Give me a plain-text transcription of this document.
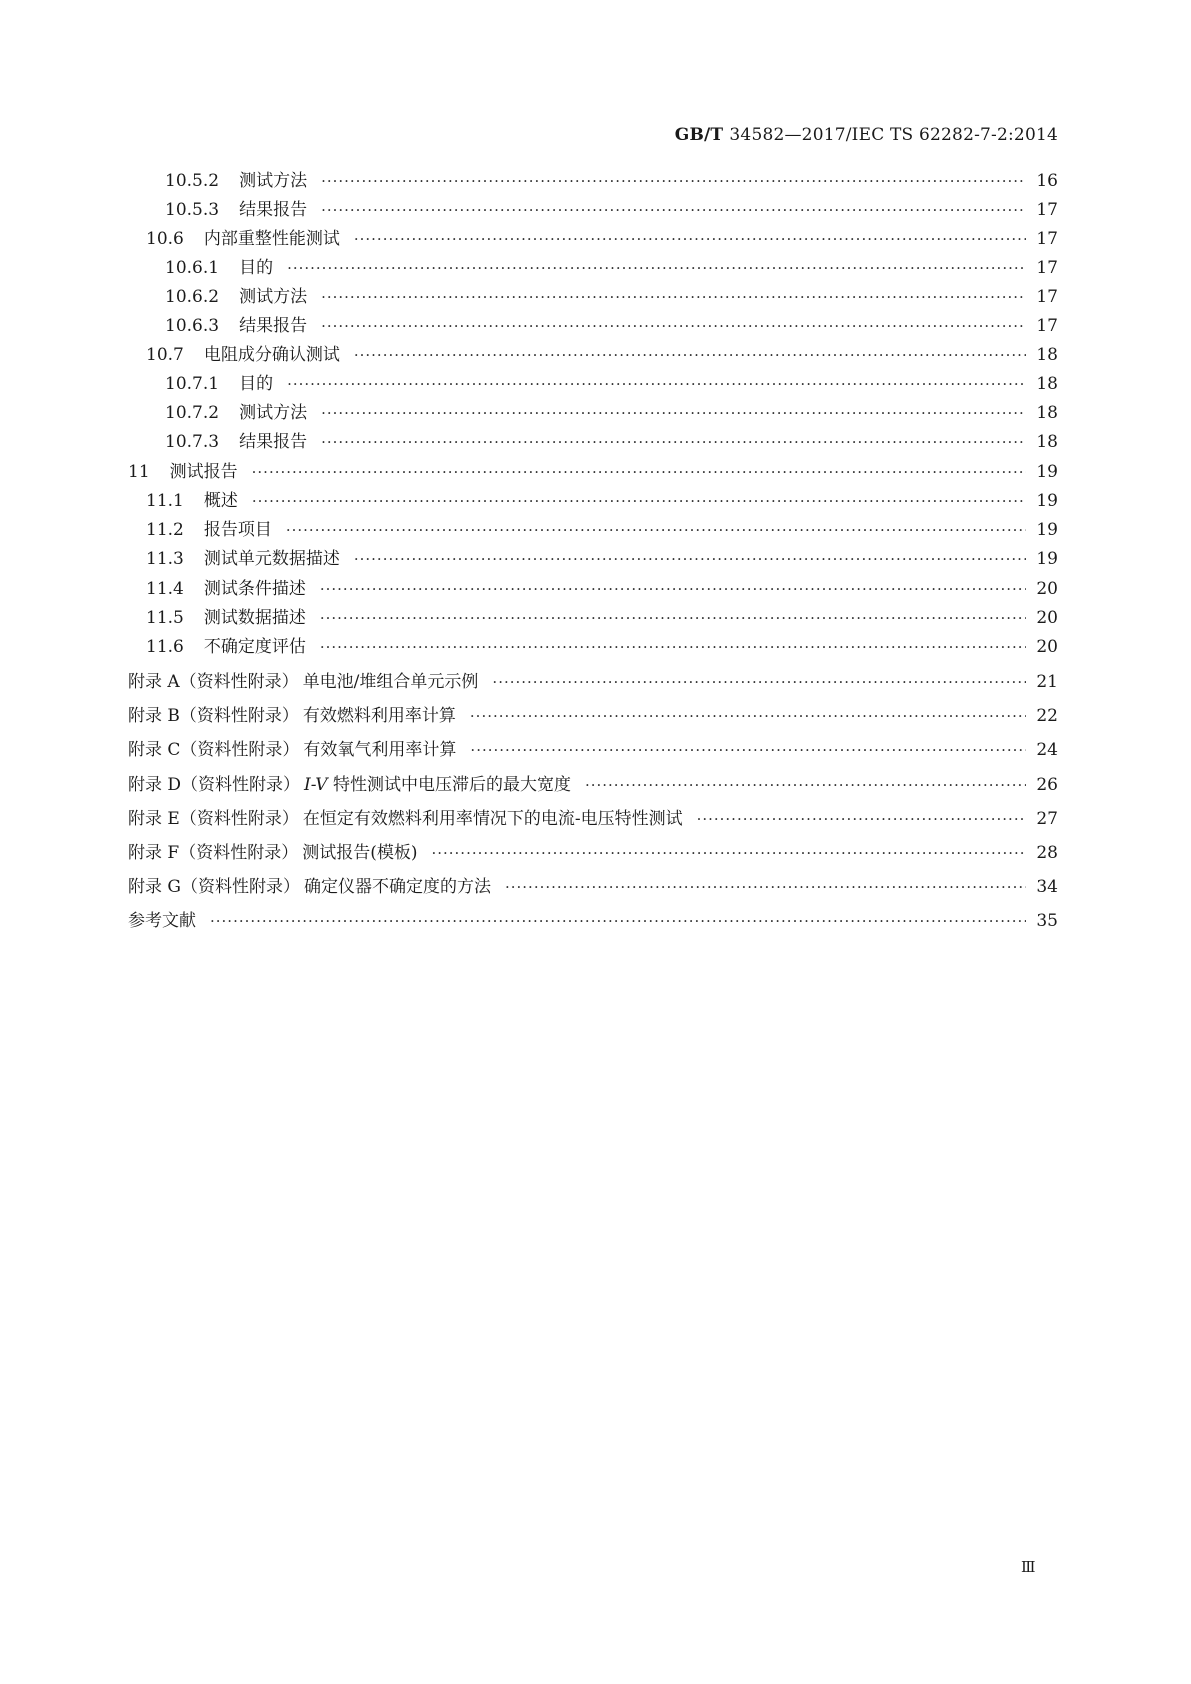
GB/T 34582—2017/IEC TS 62282-7-2:2014
10.5.2 测试方法 ·····	16
10.5.3 结果报告 ·····	17
10.6 内部重整性能测试 ·····	17
10.6.1 目的 ·····	17
10.6.2 测试方法 ·····	17
10.6.3 结果报告 ·····	17
10.7 电阻成分确认测试 ·····	18
10.7.1 目的 ·····	18
10.7.2 测试方法 ·····	18
10.7.3 结果报告 ·····	18
11 测试报告 ·····	19
11.1 概述 ·····	19
11.2 报告项目 ·····	19
11.3 测试单元数据描述 ·····	19
11.4 测试条件描述 ·····	20
11.5 测试数据描述 ·····	20
11.6 不确定度评估 ·····	20
附录 A（资料性附录） 单电池/堆组合单元示例 ·····	21
附录 B（资料性附录） 有效燃料利用率计算 ·····	22
附录 C（资料性附录） 有效氧气利用率计算 ·····	24
附录 D（资料性附录） I-V 特性测试中电压滞后的最大宽度 ·····	26
附录 E（资料性附录） 在恒定有效燃料利用率情况下的电流-电压特性测试 ·····	27
附录 F（资料性附录） 测试报告(模板) ·····	28
附录 G（资料性附录） 确定仪器不确定度的方法 ·····	34
参考文献 ·····	35
Ⅲ
